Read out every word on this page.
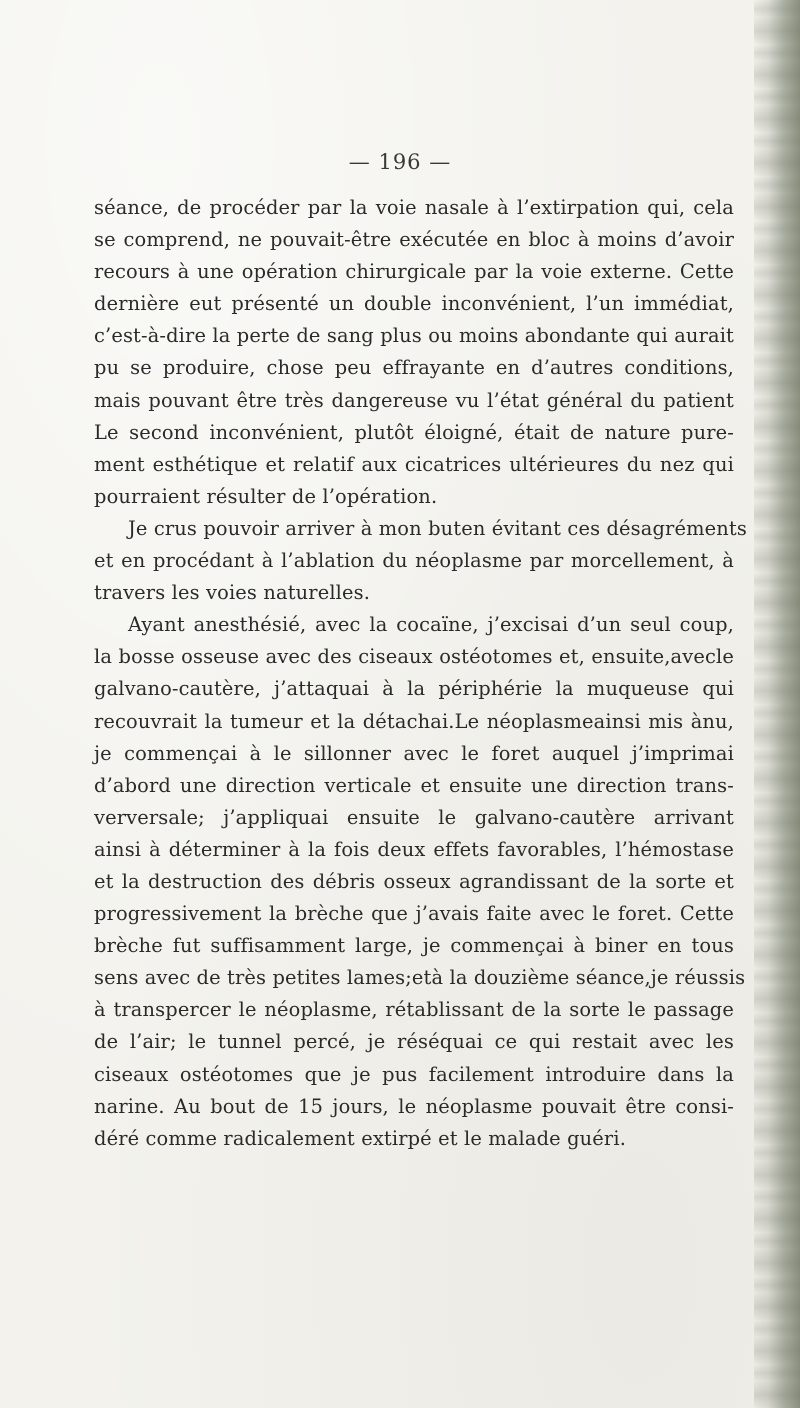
— 196 —
séance, de procéder par la voie nasale à l’extirpation qui, cela
se comprend, ne pouvait-être exécutée en bloc à moins d’avoir
recours à une opération chirurgicale par la voie externe. Cette
dernière eut présenté un double inconvénient, l’un immédiat,
c’est-à-dire la perte de sang plus ou moins abondante qui aurait
pu se produire, chose peu effrayante en d’autres conditions,
mais pouvant être très dangereuse vu l’état général du patient
Le second inconvénient, plutôt éloigné, était de nature pure-
ment esthétique et relatif aux cicatrices ultérieures du nez qui
pourraient résulter de l’opération.
Je crus pouvoir arriver à mon buten évitant ces désagréments
et en procédant à l’ablation du néoplasme par morcellement, à
travers les voies naturelles.
Ayant anesthésié, avec la cocaïne, j’excisai d’un seul coup,
la bosse osseuse avec des ciseaux ostéotomes et, ensuite,avecle
galvano-cautère, j’attaquai à la périphérie la muqueuse qui
recouvrait la tumeur et la détachai.Le néoplasmeainsi mis ànu,
je commençai à le sillonner avec le foret auquel j’imprimai
d’abord une direction verticale et ensuite une direction trans-
verversale; j’appliquai ensuite le galvano-cautère arrivant
ainsi à déterminer à la fois deux effets favorables, l’hémostase
et la destruction des débris osseux agrandissant de la sorte et
progressivement la brèche que j’avais faite avec le foret. Cette
brèche fut suffisamment large, je commençai à biner en tous
sens avec de très petites lames;età la douzième séance,je réussis
à transpercer le néoplasme, rétablissant de la sorte le passage
de l’air; le tunnel percé, je réséquai ce qui restait avec les
ciseaux ostéotomes que je pus facilement introduire dans la
narine. Au bout de 15 jours, le néoplasme pouvait être consi-
déré comme radicalement extirpé et le malade guéri.
